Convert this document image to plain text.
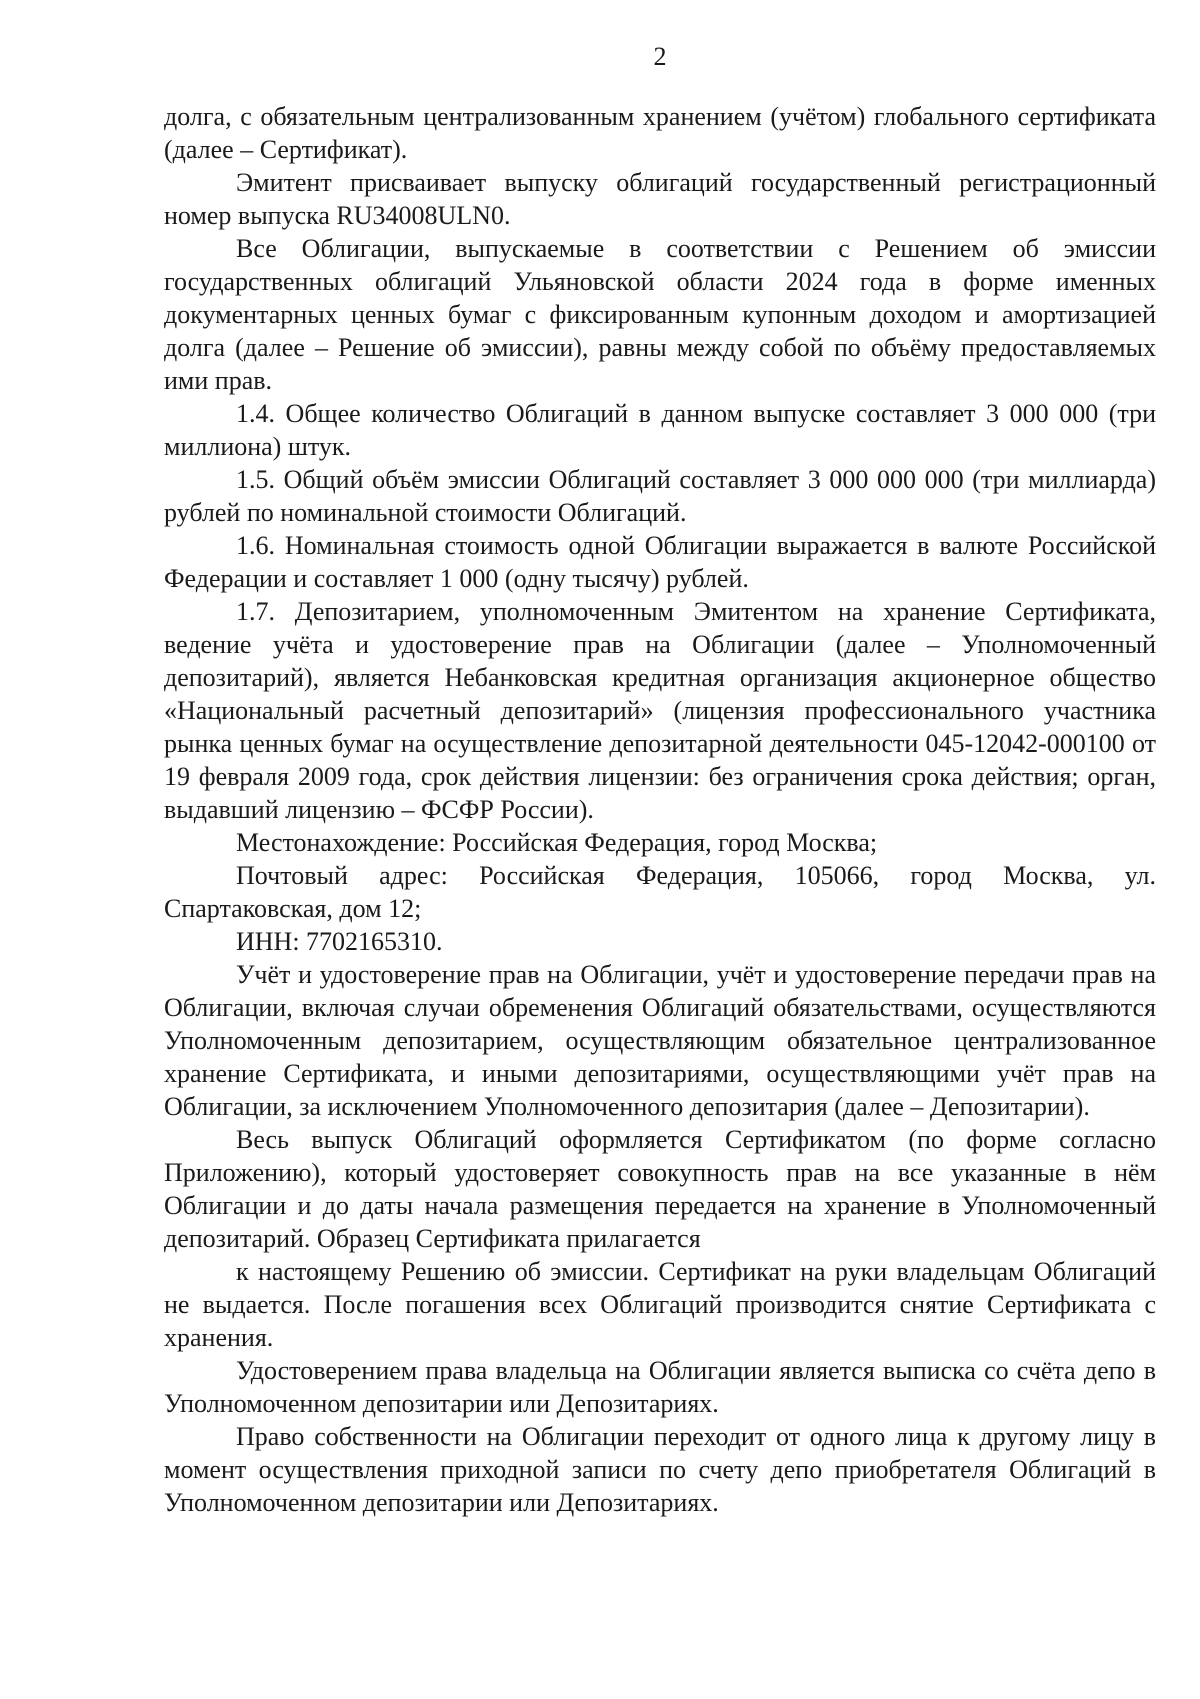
2

долга, с обязательным централизованным хранением (учётом) глобального сертификата (далее – Сертификат).

Эмитент присваивает выпуску облигаций государственный регистрационный номер выпуска RU34008ULN0.

Все Облигации, выпускаемые в соответствии с Решением об эмиссии государственных облигаций Ульяновской области 2024 года в форме именных документарных ценных бумаг с фиксированным купонным доходом и амортизацией долга (далее – Решение об эмиссии), равны между собой по объёму предоставляемых ими прав.

1.4. Общее количество Облигаций в данном выпуске составляет 3 000 000 (три миллиона) штук.

1.5. Общий объём эмиссии Облигаций составляет 3 000 000 000 (три миллиарда) рублей по номинальной стоимости Облигаций.

1.6. Номинальная стоимость одной Облигации выражается в валюте Российской Федерации и составляет 1 000 (одну тысячу) рублей.

1.7. Депозитарием, уполномоченным Эмитентом на хранение Сертификата, ведение учёта и удостоверение прав на Облигации (далее – Уполномоченный депозитарий), является Небанковская кредитная организация акционерное общество «Национальный расчетный депозитарий» (лицензия профессионального участника рынка ценных бумаг на осуществление депозитарной деятельности 045-12042-000100 от 19 февраля 2009 года, срок действия лицензии: без ограничения срока действия; орган, выдавший лицензию – ФСФР России).

Местонахождение: Российская Федерация, город Москва;

Почтовый адрес: Российская Федерация, 105066, город Москва, ул. Спартаковская, дом 12;

ИНН: 7702165310.

Учёт и удостоверение прав на Облигации, учёт и удостоверение передачи прав на Облигации, включая случаи обременения Облигаций обязательствами, осуществляются Уполномоченным депозитарием, осуществляющим обязательное централизованное хранение Сертификата, и иными депозитариями, осуществляющими учёт прав на Облигации, за исключением Уполномоченного депозитария (далее – Депозитарии).

Весь выпуск Облигаций оформляется Сертификатом (по форме согласно Приложению), который удостоверяет совокупность прав на все указанные в нём Облигации и до даты начала размещения передается на хранение в Уполномоченный депозитарий. Образец Сертификата прилагается

к настоящему Решению об эмиссии. Сертификат на руки владельцам Облигаций не выдается. После погашения всех Облигаций производится снятие Сертификата с хранения.

Удостоверением права владельца на Облигации является выписка со счёта депо в Уполномоченном депозитарии или Депозитариях.

Право собственности на Облигации переходит от одного лица к другому лицу в момент осуществления приходной записи по счету депо приобретателя Облигаций в Уполномоченном депозитарии или Депозитариях.
